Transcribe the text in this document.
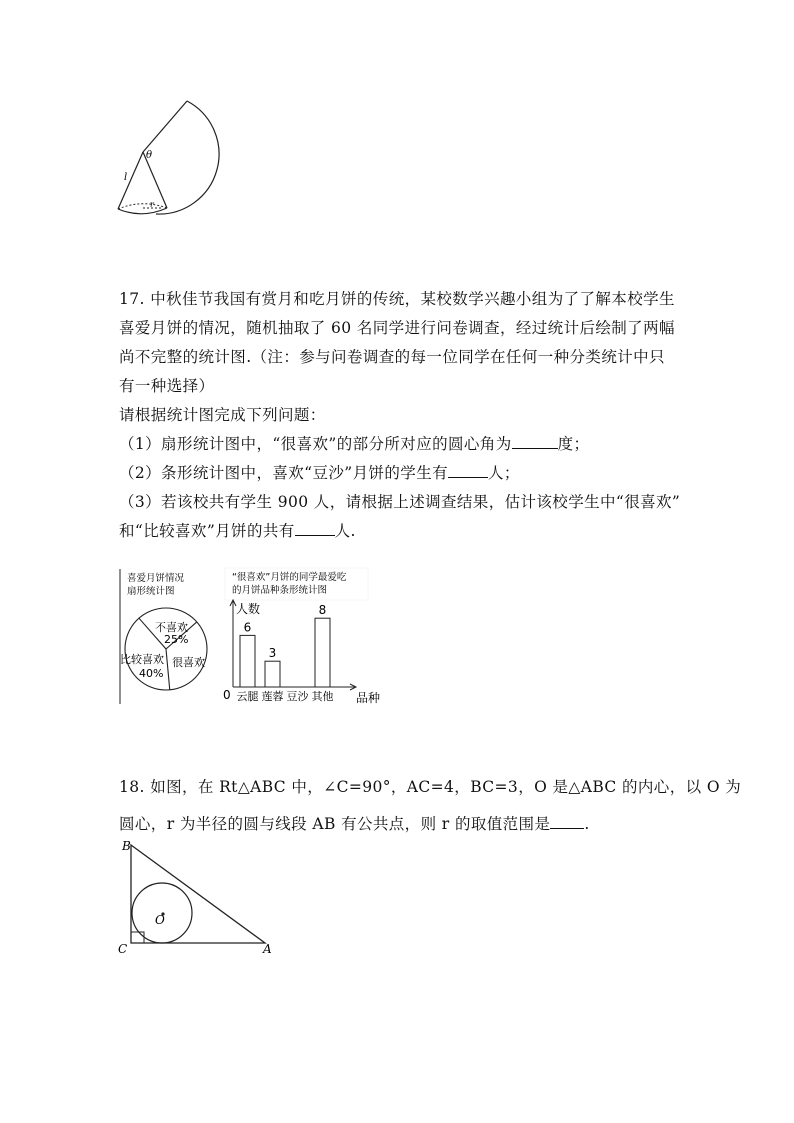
θ
l
r
17. 中秋佳节我国有赏月和吃月饼的传统，某校数学兴趣小组为了了解本校学生
喜爱月饼的情况，随机抽取了 60 名同学进行问卷调查，经过统计后绘制了两幅
尚不完整的统计图.（注：参与问卷调查的每一位同学在任何一种分类统计中只
有一种选择）
请根据统计图完成下列问题：
（1）扇形统计图中，“很喜欢”的部分所对应的圆心角为	度；
（2）条形统计图中，喜欢“豆沙”月饼的学生有	人；
（3）若该校共有学生 900 人，请根据上述调查结果，估计该校学生中“很喜欢”
和“比较喜欢”月饼的共有	人.
喜爱月饼情况
扇形统计图
不喜欢
25%
很喜欢
比较喜欢
40%
“很喜欢”月饼的同学最爱吃
的月饼品种条形统计图
人数
品种
0
6
云腿
3
莲蓉 豆沙
8
其他
18. 如图，在 Rt△ABC 中，∠C=90°，AC=4，BC=3，O 是△ABC 的内心，以 O 为
圆心，r 为半径的圆与线段 AB 有公共点，则 r 的取值范围是 .
B
C	A
O
